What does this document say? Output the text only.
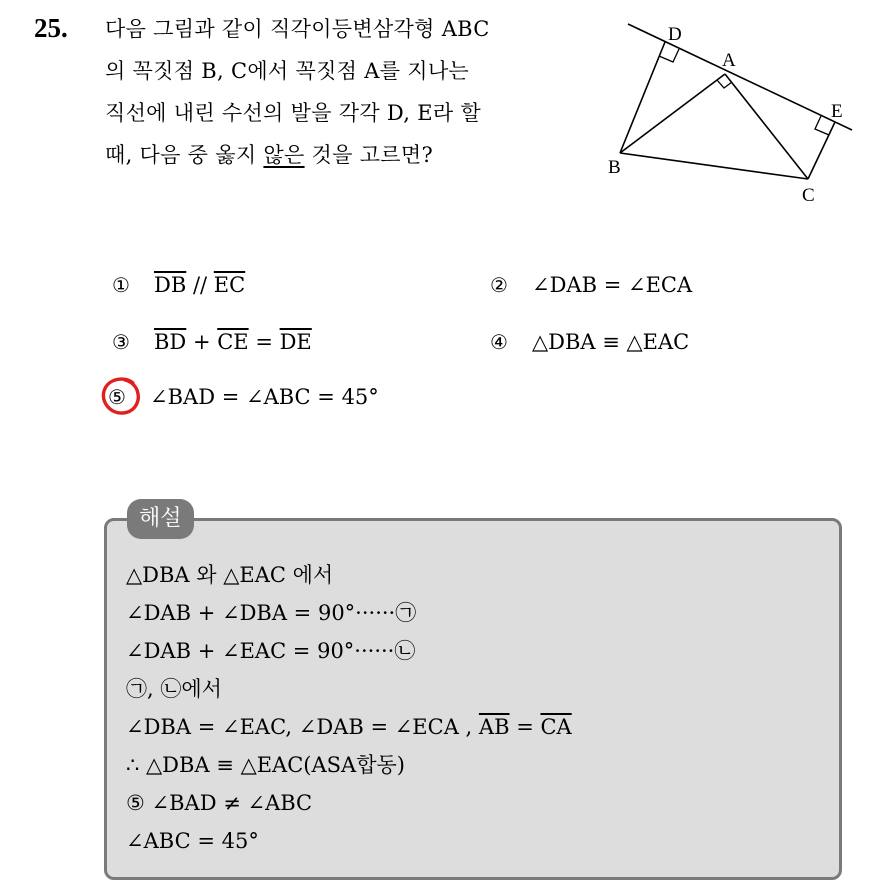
25. 다음 그림과 같이 직각이등변삼각형 ABC
의 꼭짓점 B, C에서 꼭짓점 A를 지나는
직선에 내린 수선의 발을 각각 D, E라 할
때, 다음 중 옳지 않은 것을 고르면?
D
A
E
B
C
① $\overline{DB} // \overline{EC}$	② ∠DAB = ∠ECA
③ $\overline{BD} + \overline{CE} = \overline{DE}$	④ △DBA ≡ △EAC
⑤ ∠BAD = ∠ABC = 45°
해설
△DBA 와 △EAC 에서
∠DAB + ∠DBA = 90°······㉠
∠DAB + ∠EAC = 90°······㉡
㉠, ㉡에서
∠DBA = ∠EAC, ∠DAB = ∠ECA , $\overline{AB} = \overline{CA}$
∴ △DBA ≡ △EAC(ASA합동)
⑤ ∠BAD ≠ ∠ABC
∠ABC = 45°
